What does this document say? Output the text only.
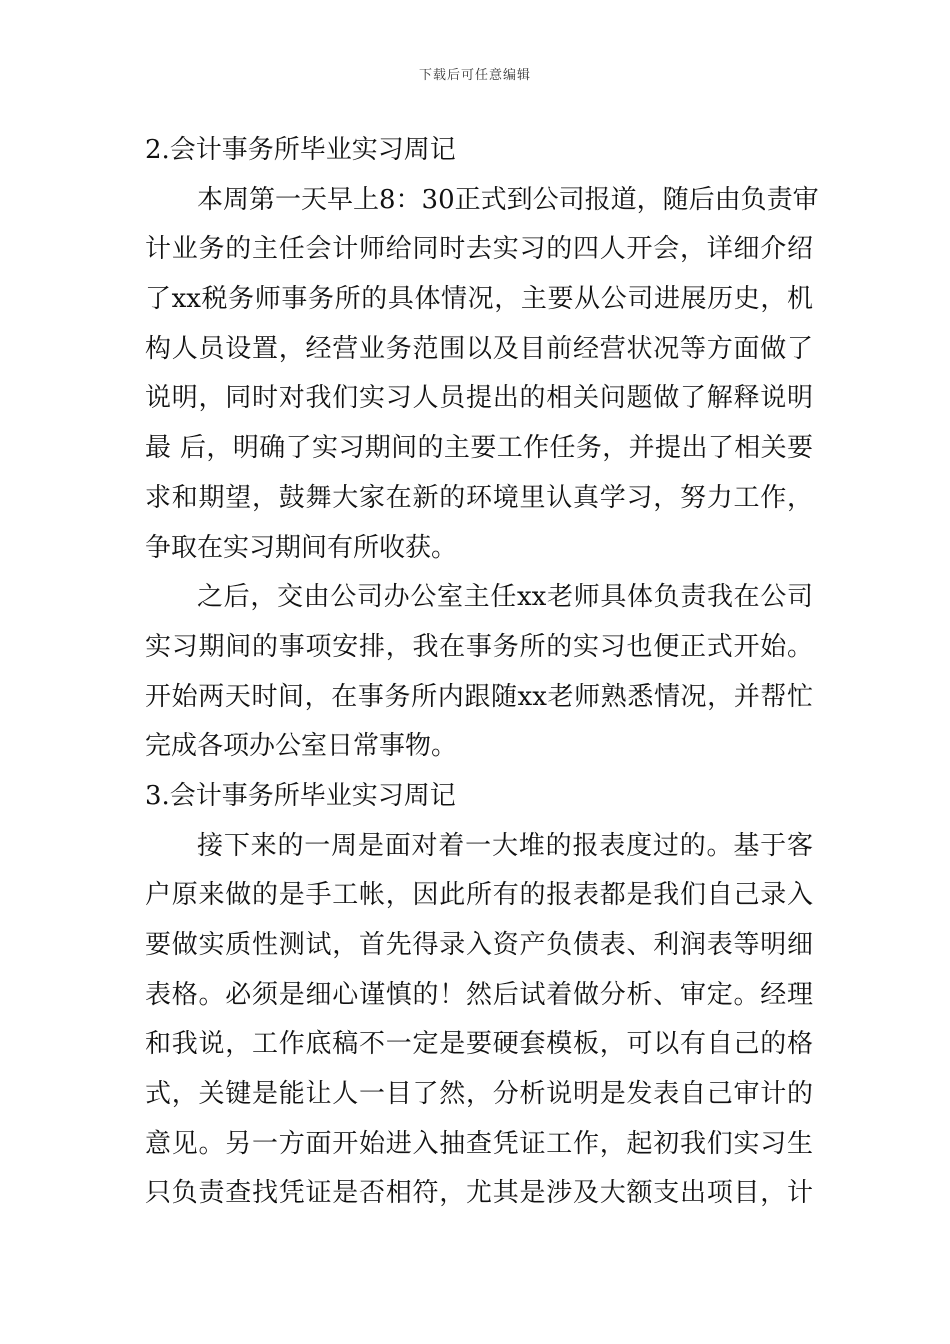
下载后可任意编辑
2.会计事务所毕业实习周记
本周第一天早上8：30正式到公司报道，随后由负责审
计业务的主任会计师给同时去实习的四人开会，详细介绍
了xx税务师事务所的具体情况，主要从公司进展历史，机
构人员设置，经营业务范围以及目前经营状况等方面做了
说明，同时对我们实习人员提出的相关问题做了解释说明
最 后，明确了实习期间的主要工作任务，并提出了相关要
求和期望，鼓舞大家在新的环境里认真学习，努力工作，
争取在实习期间有所收获。
之后，交由公司办公室主任xx老师具体负责我在公司
实习期间的事项安排，我在事务所的实习也便正式开始。
开始两天时间，在事务所内跟随xx老师熟悉情况，并帮忙
完成各项办公室日常事物。
3.会计事务所毕业实习周记
接下来的一周是面对着一大堆的报表度过的。基于客
户原来做的是手工帐，因此所有的报表都是我们自己录入
要做实质性测试，首先得录入资产负债表、利润表等明细
表格。必须是细心谨慎的！然后试着做分析、审定。经理
和我说，工作底稿不一定是要硬套模板，可以有自己的格
式，关键是能让人一目了然，分析说明是发表自己审计的
意见。另一方面开始进入抽查凭证工作，起初我们实习生
只负责查找凭证是否相符，尤其是涉及大额支出项目，计
